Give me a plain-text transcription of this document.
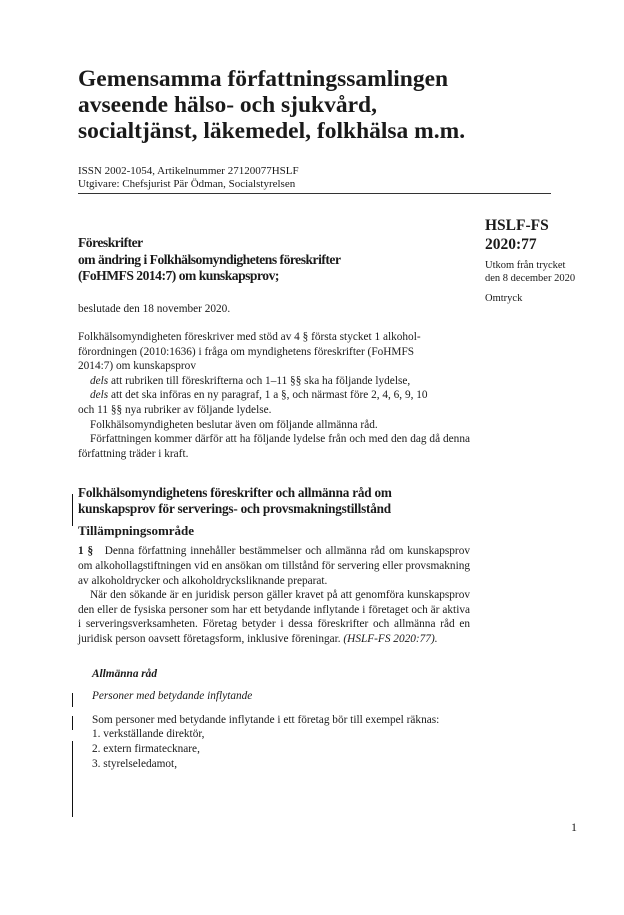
Gemensamma författningssamlingen
avseende hälso- och sjukvård,
socialtjänst, läkemedel, folkhälsa m.m.
ISSN 2002-1054, Artikelnummer 27120077HSLF
Utgivare: Chefsjurist Pär Ödman, Socialstyrelsen
HSLF-FS
2020:77
Utkom från trycket
den 8 december 2020
Omtryck
Föreskrifter
om ändring i Folkhälsomyndighetens föreskrifter
(FoHMFS 2014:7) om kunskapsprov;

beslutade den 18 november 2020.

Folkhälsomyndigheten föreskriver med stöd av 4 § första stycket 1 alkohol-
förordningen (2010:1636) i fråga om myndighetens föreskrifter (FoHMFS
2014:7) om kunskapsprov
dels att rubriken till föreskrifterna och 1–11 §§ ska ha följande lydelse,
dels att det ska införas en ny paragraf, 1 a §, och närmast före 2, 4, 6, 9, 10
och 11 §§ nya rubriker av följande lydelse.
Folkhälsomyndigheten beslutar även om följande allmänna råd.

Författningen kommer därför att ha följande lydelse från och med den dag då denna författning träder i kraft.

Folkhälsomyndighetens föreskrifter och allmänna råd om
kunskapsprov för serverings- och provsmakningstillstånd
Tillämpningsområde

1 § Denna författning innehåller bestämmelser och allmänna råd om kunskapsprov om alkohollagstiftningen vid en ansökan om tillstånd för servering eller provsmakning av alkoholdrycker och alkoholdrycksliknande preparat.

När den sökande är en juridisk person gäller kravet på att genomföra kunskapsprov den eller de fysiska personer som har ett betydande inflytande i företaget och är aktiva i serveringsverksamheten. Företag betyder i dessa föreskrifter och allmänna råd en juridisk person oavsett företagsform, inklusive föreningar. (HSLF-FS 2020:77).

Allmänna råd
Personer med betydande inflytande

Som personer med betydande inflytande i ett företag bör till exempel räknas:

1. verkställande direktör,
2. extern firmatecknare,
3. styrelseledamot,
1
